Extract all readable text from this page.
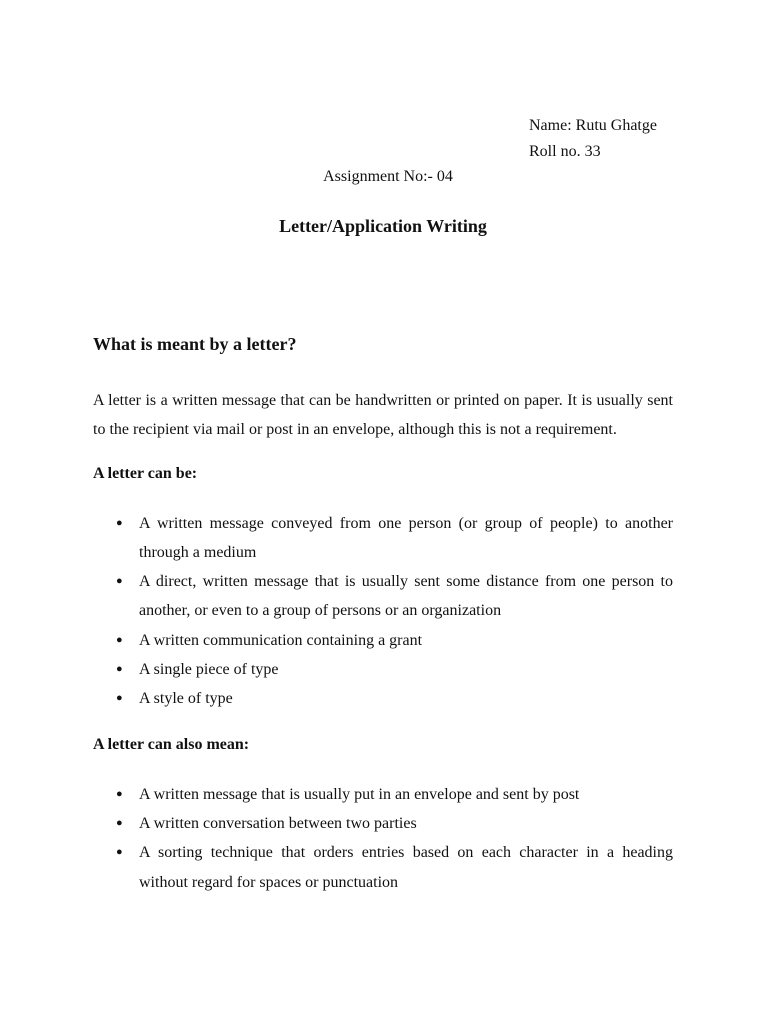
Name: Rutu Ghatge
Roll no. 33
Assignment No:- 04
Letter/Application Writing
What is meant by a letter?

A letter is a written message that can be handwritten or printed on paper. It is usually sent to the recipient via mail or post in an envelope, although this is not a requirement.

A letter can be:

● A written message conveyed from one person (or group of people) to another through a medium
● A direct, written message that is usually sent some distance from one person to another, or even to a group of persons or an organization
● A written communication containing a grant
● A single piece of type
● A style of type

A letter can also mean:

● A written message that is usually put in an envelope and sent by post
● A written conversation between two parties
● A sorting technique that orders entries based on each character in a heading without regard for spaces or punctuation
